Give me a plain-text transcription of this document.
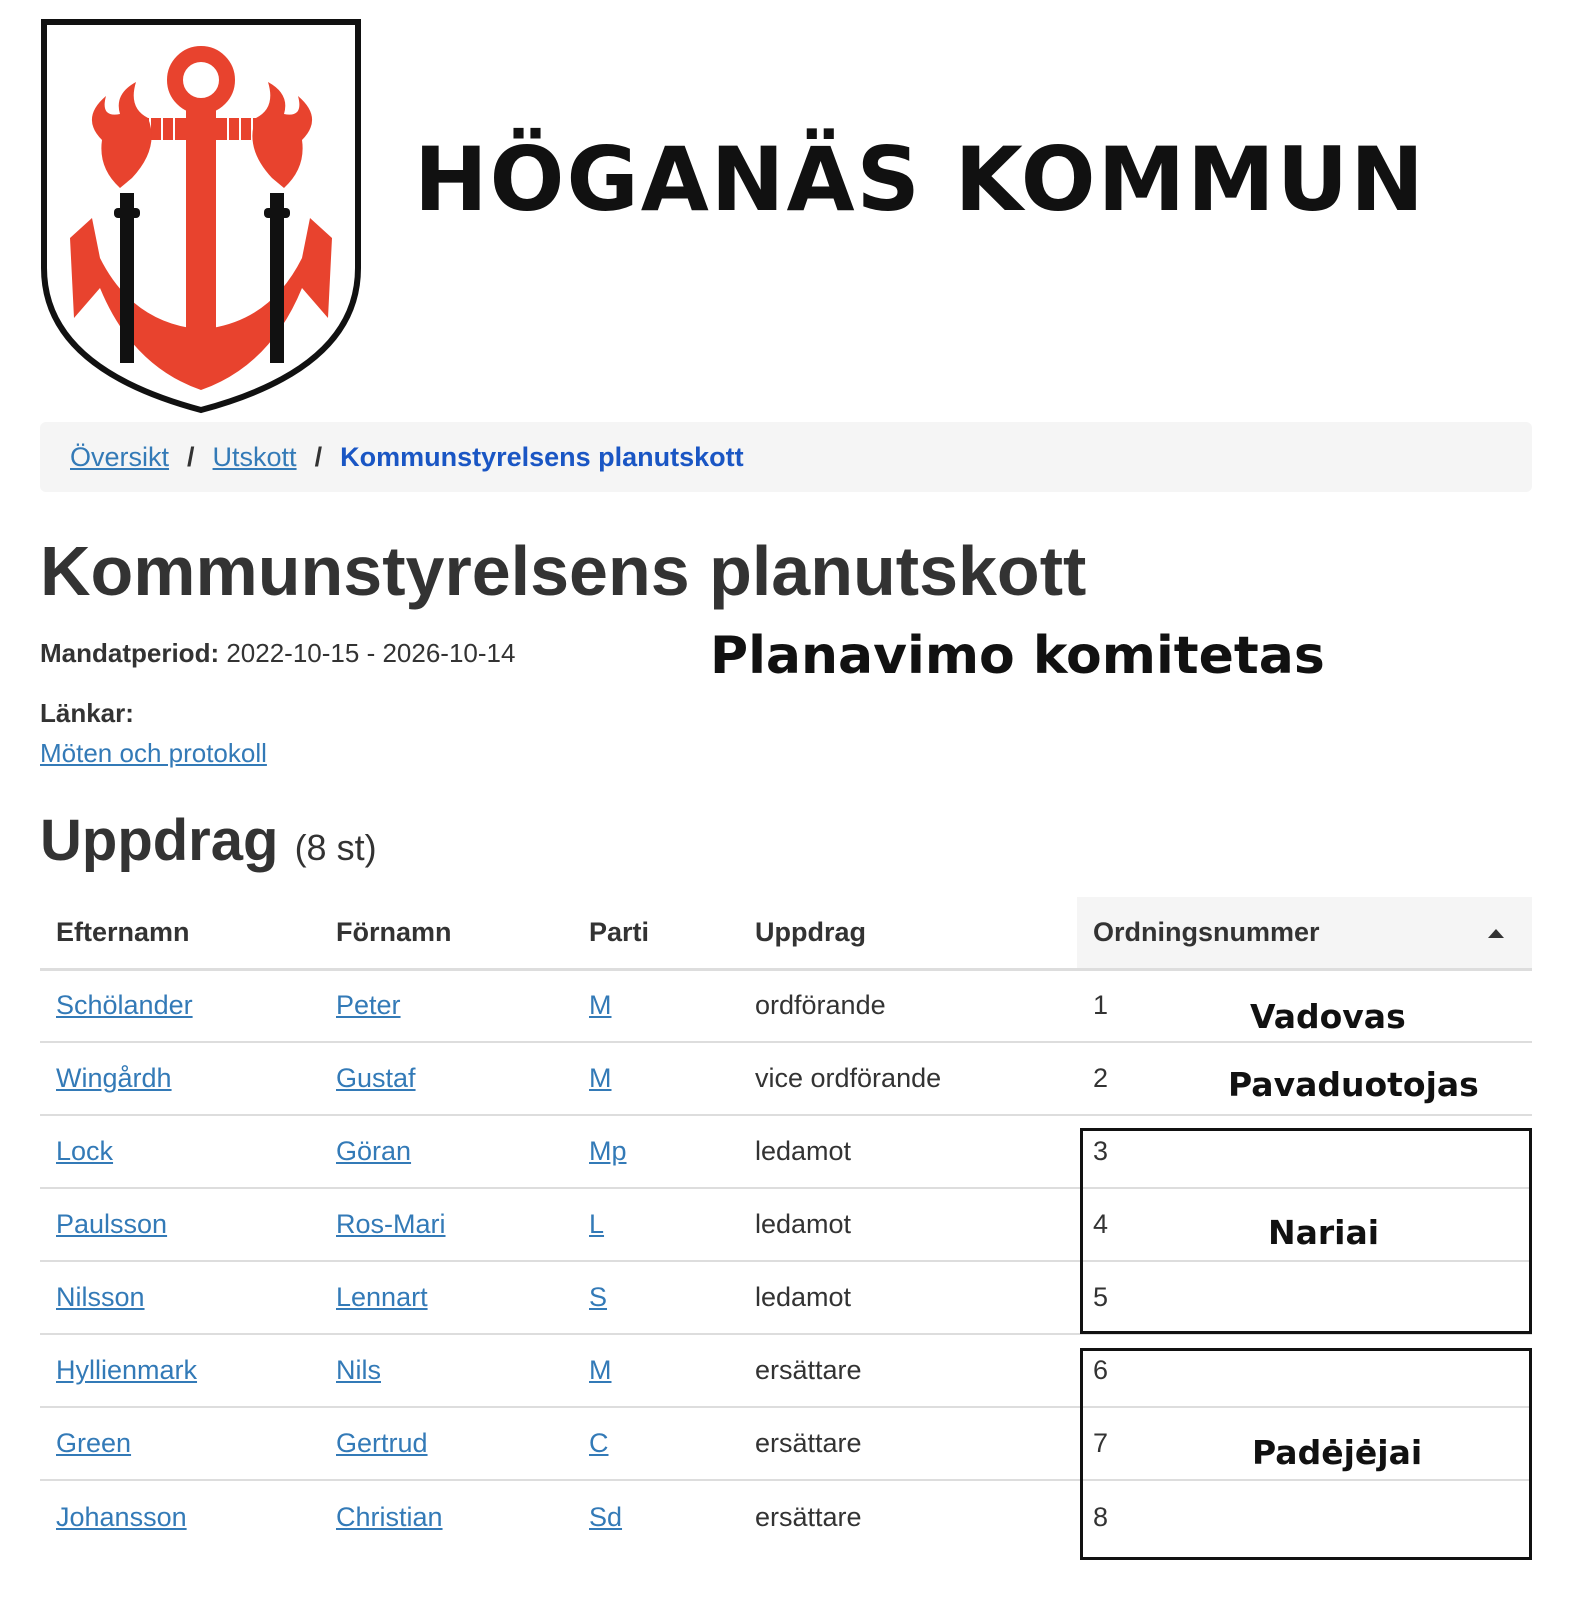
HÖGANÄS KOMMUN
Översikt / Utskott / Kommunstyrelsens planutskott
Kommunstyrelsens planutskott
Planavimo komitetas
Mandatperiod: 2022-10-15 - 2026-10-14
Länkar:
Möten och protokoll
Uppdrag (8 st)
Efternamn	Förnamn	Parti	Uppdrag	Ordningsnummer

Schölander	Peter	M	ordförande	1
Wingårdh	Gustaf	M	vice ordförande	2
Lock	Göran	Mp	ledamot	3
Paulsson	Ros-Mari	L	ledamot	4
Nilsson	Lennart	S	ledamot	5
Hyllienmark	Nils	M	ersättare	6
Green	Gertrud	C	ersättare	7
Johansson	Christian	Sd	ersättare	8
Vadovas
Pavaduotojas
Nariai
Padėjėjai
